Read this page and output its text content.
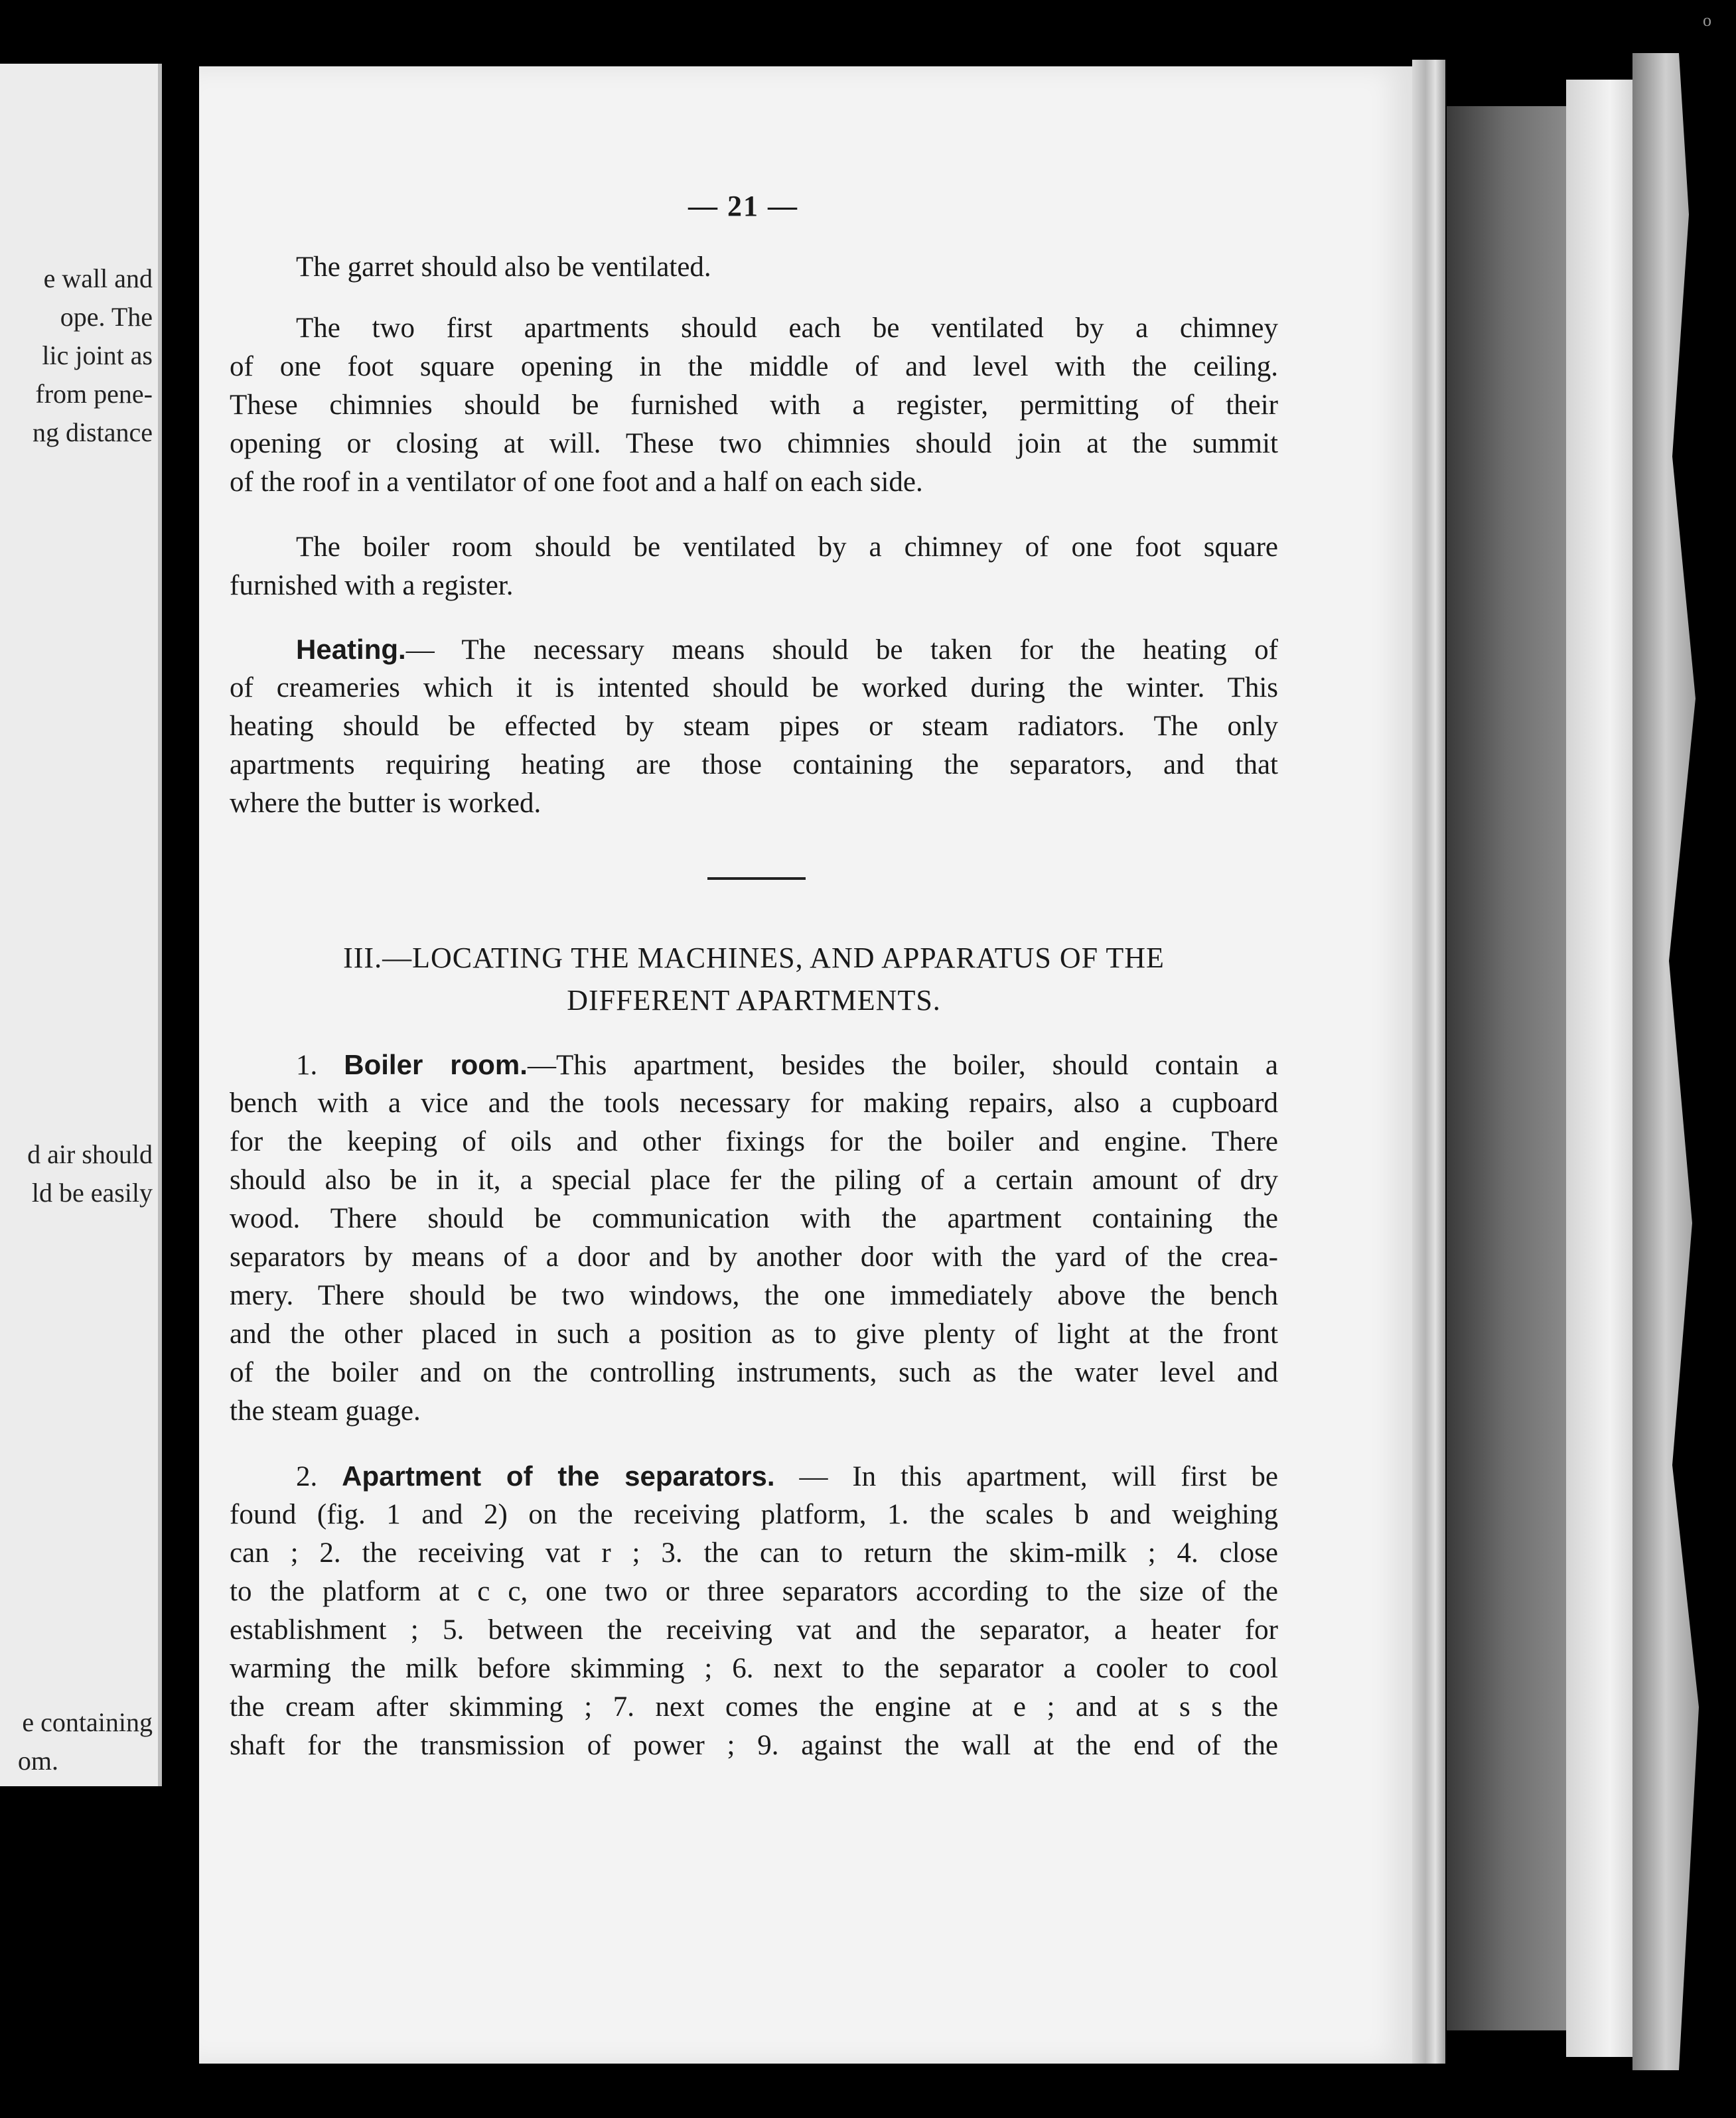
e wall and
ope. The
lic joint as
from pene-
ng distance
d air should
ld be easily
e containing
om.
o
— 21 —
The garret should also be ventilated.
The two first apartments should each be ventilated by a chimney
of one foot square opening in the middle of and level with the ceiling.
These chimnies should be furnished with a register, permitting of their
opening or closing at will. These two chimnies should join at the summit
of the roof in a ventilator of one foot and a half on each side.
The boiler room should be ventilated by a chimney of one foot square
furnished with a register.
Heating.— The necessary means should be taken for the heating of
of creameries which it is intented should be worked during the winter. This
heating should be effected by steam pipes or steam radiators. The only
apartments requiring heating are those containing the separators, and that
where the butter is worked.
III.—LOCATING THE MACHINES, AND APPARATUS OF THE
DIFFERENT APARTMENTS.
1. Boiler room.—This apartment, besides the boiler, should contain a
bench with a vice and the tools necessary for making repairs, also a cupboard
for the keeping of oils and other fixings for the boiler and engine. There
should also be in it, a special place fer the piling of a certain amount of dry
wood. There should be communication with the apartment containing the
separators by means of a door and by another door with the yard of the crea-
mery. There should be two windows, the one immediately above the bench
and the other placed in such a position as to give plenty of light at the front
of the boiler and on the controlling instruments, such as the water level and
the steam guage.
2. Apartment of the separators. — In this apartment, will first be
found (fig. 1 and 2) on the receiving platform, 1. the scales b and weighing
can ; 2. the receiving vat r ; 3. the can to return the skim-milk ; 4. close
to the platform at c c, one two or three separators according to the size of the
establishment ; 5. between the receiving vat and the separator, a heater for
warming the milk before skimming ; 6. next to the separator a cooler to cool
the cream after skimming ; 7. next comes the engine at e ; and at s s the
shaft for the transmission of power ; 9. against the wall at the end of the
